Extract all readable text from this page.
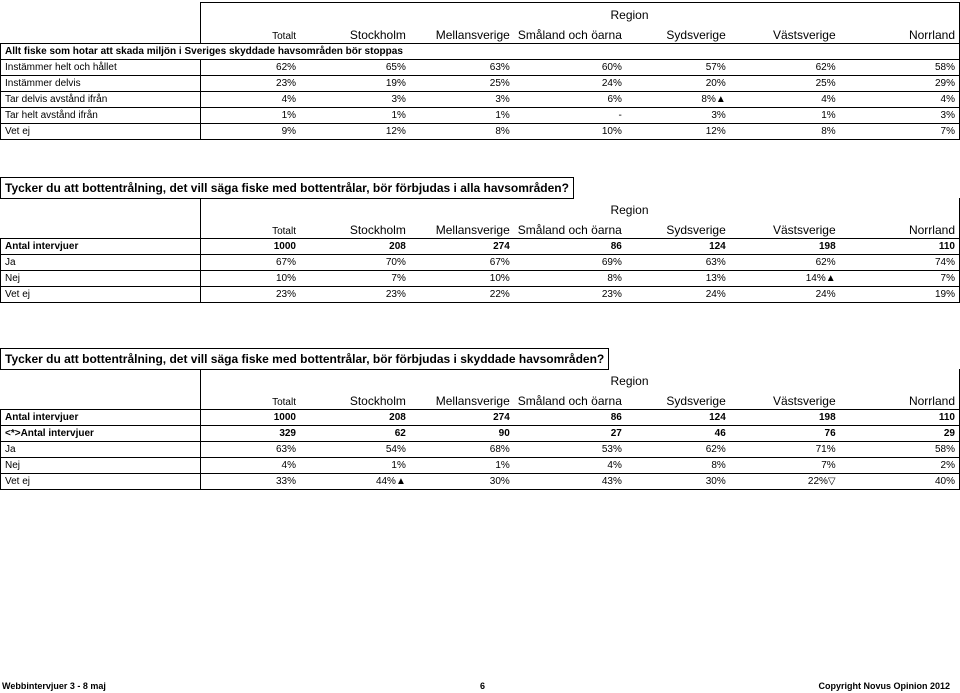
		Region					
	Totalt	Stockholm	Mellansverige	Småland och öarna	Sydsverige	Västsverige	Norrland
Allt fiske som hotar att skada miljön i Sveriges skyddade havsområden bör stoppas							
Instämmer helt och hållet	62%	65%	63%	60%	57%	62%	58%
Instämmer delvis	23%	19%	25%	24%	20%	25%	29%
Tar delvis avstånd ifrån	4%	3%	3%	6%	8%▲	4%	4%
Tar helt avstånd ifrån	1%	1%	1%	-	3%	1%	3%
Vet ej	9%	12%	8%	10%	12%	8%	7%
Tycker du att bottentrålning, det vill säga fiske med bottentrålar, bör förbjudas i alla havsområden?
		Region					
	Totalt	Stockholm	Mellansverige	Småland och öarna	Sydsverige	Västsverige	Norrland
Antal intervjuer	1000	208	274	86	124	198	110
Ja	67%	70%	67%	69%	63%	62%	74%
Nej	10%	7%	10%	8%	13%	14%▲	7%
Vet ej	23%	23%	22%	23%	24%	24%	19%
Tycker du att bottentrålning, det vill säga fiske med bottentrålar, bör förbjudas i skyddade havsområden?
		Region					
	Totalt	Stockholm	Mellansverige	Småland och öarna	Sydsverige	Västsverige	Norrland
Antal intervjuer	1000	208	274	86	124	198	110
<*>Antal intervjuer	329	62	90	27	46	76	29
Ja	63%	54%	68%	53%	62%	71%	58%
Nej	4%	1%	1%	4%	8%	7%	2%
Vet ej	33%	44%▲	30%	43%	30%	22%▽	40%
Webbintervjuer 3 - 8 maj	6	Copyright Novus Opinion 2012
